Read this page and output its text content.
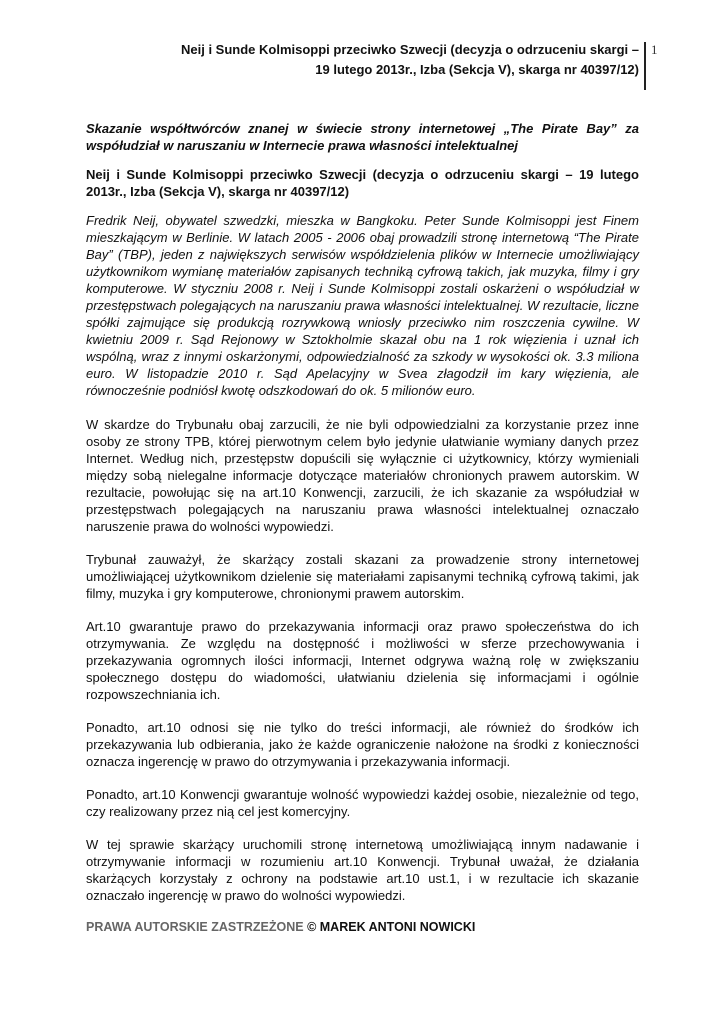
Neij i Sunde Kolmisoppi przeciwko Szwecji (decyzja o odrzuceniu skargi –
19 lutego 2013r., Izba (Sekcja V), skarga nr 40397/12)
1

Skazanie współtwórców znanej w świecie strony internetowej „The Pirate Bay” za współudział w naruszaniu w Internecie prawa własności intelektualnej

Neij i Sunde Kolmisoppi przeciwko Szwecji (decyzja o odrzuceniu skargi – 19 lutego 2013r., Izba (Sekcja V), skarga nr 40397/12)

Fredrik Neij, obywatel szwedzki, mieszka w Bangkoku. Peter Sunde Kolmisoppi jest Finem mieszkającym w Berlinie. W latach 2005 - 2006 obaj prowadzili stronę internetową “The Pirate Bay” (TBP), jeden z największych serwisów współdzielenia plików w Internecie umożliwiający użytkownikom wymianę materiałów zapisanych techniką cyfrową takich, jak muzyka, filmy i gry komputerowe. W styczniu 2008 r. Neij i Sunde Kolmisoppi zostali oskarżeni o współudział w przestępstwach polegających na naruszaniu prawa własności intelektualnej. W rezultacie, liczne spółki zajmujące się produkcją rozrywkową wniosły przeciwko nim roszczenia cywilne. W kwietniu 2009 r. Sąd Rejonowy w Sztokholmie skazał obu na 1 rok więzienia i uznał ich wspólną, wraz z innymi oskarżonymi, odpowiedzialność za szkody w wysokości ok. 3.3 miliona euro. W listopadzie 2010 r. Sąd Apelacyjny w Svea złagodził im kary więzienia, ale równocześnie podniósł kwotę odszkodowań do ok. 5 milionów euro.

W skardze do Trybunału obaj zarzucili, że nie byli odpowiedzialni za korzystanie przez inne osoby ze strony TPB, której pierwotnym celem było jedynie ułatwianie wymiany danych przez Internet. Według nich, przestępstw dopuścili się wyłącznie ci użytkownicy, którzy wymieniali między sobą nielegalne informacje dotyczące materiałów chronionych prawem autorskim. W rezultacie, powołując się na art.10 Konwencji, zarzucili, że ich skazanie za współudział w przestępstwach polegających na naruszaniu prawa własności intelektualnej oznaczało naruszenie prawa do wolności wypowiedzi.

Trybunał zauważył, że skarżący zostali skazani za prowadzenie strony internetowej umożliwiającej użytkownikom dzielenie się materiałami zapisanymi techniką cyfrową takimi, jak filmy, muzyka i gry komputerowe, chronionymi prawem autorskim.

Art.10 gwarantuje prawo do przekazywania informacji oraz prawo społeczeństwa do ich otrzymywania. Ze względu na dostępność i możliwości w sferze przechowywania i przekazywania ogromnych ilości informacji, Internet odgrywa ważną rolę w zwiększaniu społecznego dostępu do wiadomości, ułatwianiu dzielenia się informacjami i ogólnie rozpowszechniania ich.

Ponadto, art.10 odnosi się nie tylko do treści informacji, ale również do środków ich przekazywania lub odbierania, jako że każde ograniczenie nałożone na środki z konieczności oznacza ingerencję w prawo do otrzymywania i przekazywania informacji.

Ponadto, art.10 Konwencji gwarantuje wolność wypowiedzi każdej osobie, niezależnie od tego, czy realizowany przez nią cel jest komercyjny.

W tej sprawie skarżący uruchomili stronę internetową umożliwiającą innym nadawanie i otrzymywanie informacji w rozumieniu art.10 Konwencji. Trybunał uważał, że działania skarżących korzystały z ochrony na podstawie art.10 ust.1, i w rezultacie ich skazanie oznaczało ingerencję w prawo do wolności wypowiedzi.

PRAWA AUTORSKIE ZASTRZEŻONE © MAREK ANTONI NOWICKI
